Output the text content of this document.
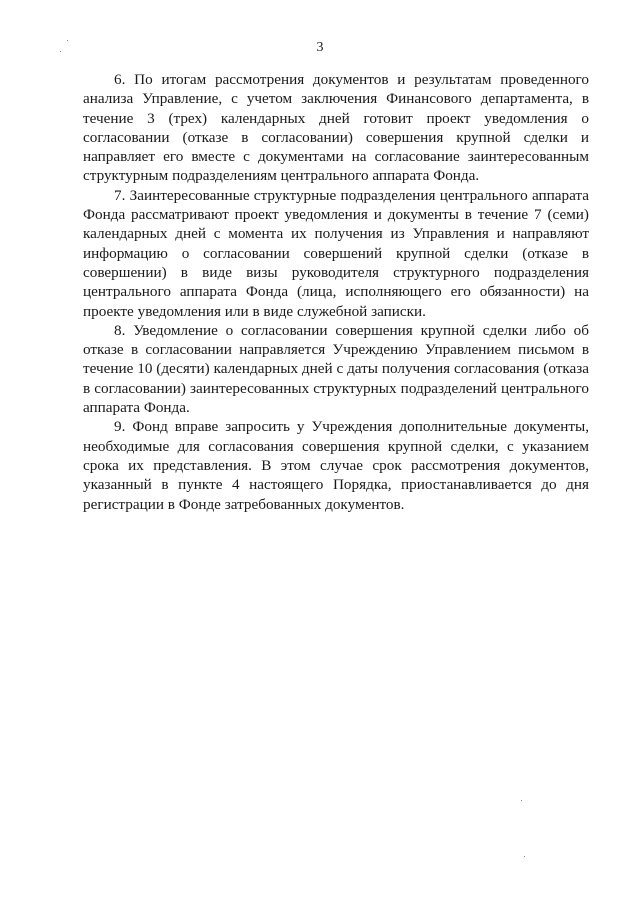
3

6. По итогам рассмотрения документов и результатам проведенного анализа Управление, с учетом заключения Финансового департамента, в течение 3 (трех) календарных дней готовит проект уведомления о согласовании (отказе в согласовании) совершения крупной сделки и направляет его вместе с документами на согласование заинтересованным структурным подразделениям центрального аппарата Фонда.

7. Заинтересованные структурные подразделения центрального аппарата Фонда рассматривают проект уведомления и документы в течение 7 (семи) календарных дней с момента их получения из Управления и направляют информацию о согласовании совершений крупной сделки (отказе в совершении) в виде визы руководителя структурного подразделения центрального аппарата Фонда (лица, исполняющего его обязанности) на проекте уведомления или в виде служебной записки.

8. Уведомление о согласовании совершения крупной сделки либо об отказе в согласовании направляется Учреждению Управлением письмом в течение 10 (десяти) календарных дней с даты получения согласования (отказа в согласовании) заинтересованных структурных подразделений центрального аппарата Фонда.

9. Фонд вправе запросить у Учреждения дополнительные документы, необходимые для согласования совершения крупной сделки, с указанием срока их представления. В этом случае срок рассмотрения документов, указанный в пункте 4 настоящего Порядка, приостанавливается до дня регистрации в Фонде затребованных документов.
